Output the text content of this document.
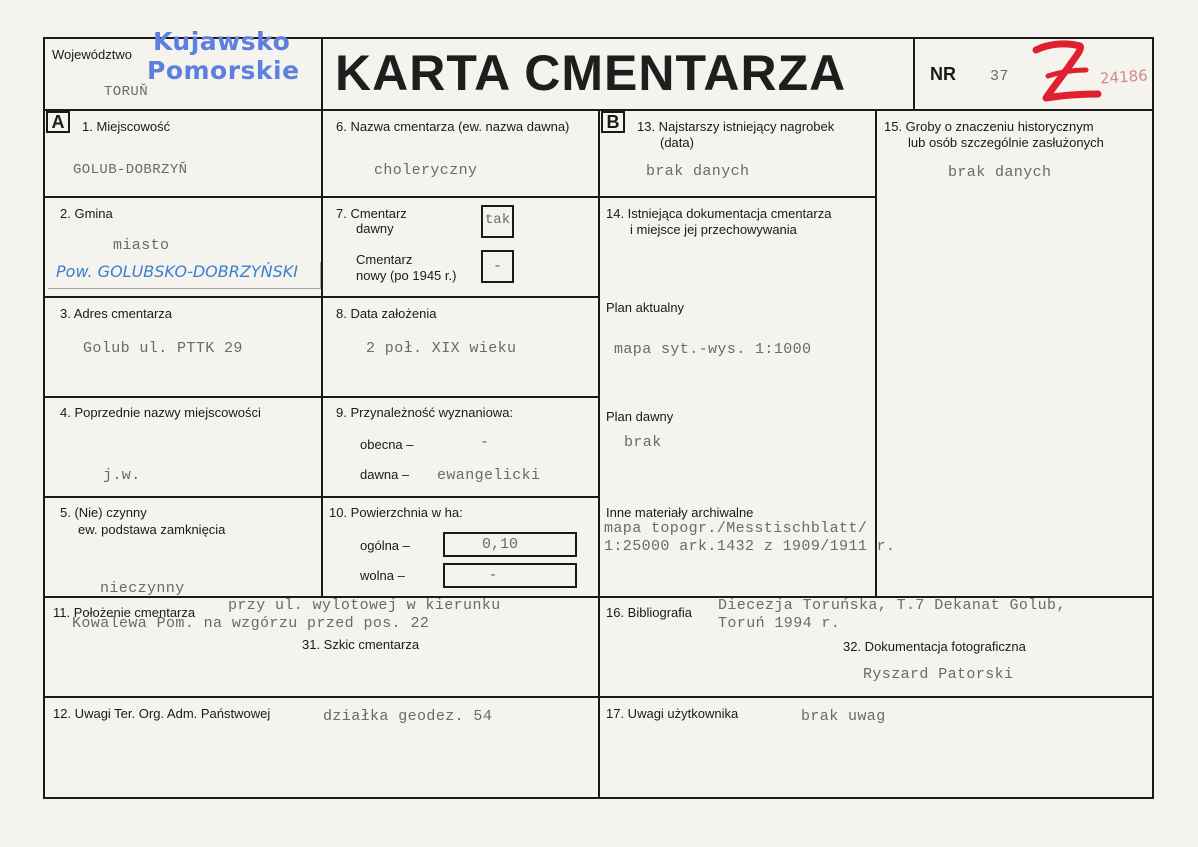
Województwo Kujawsko
Pomorskie
TORUŇ	KARTA CMENTARZA	NR 37	24186
A	B
1. Miejscowość
GOLUB-DOBRZYŇ
6. Nazwa cmentarza (ew. nazwa dawna)
choleryczny
13. Najstarszy istniejący nagrobek
(data)
brak danych
15. Groby o znaczeniu historycznym
lub osób szczególnie zasłużonych
brak danych
2. Gmina
miasto
Pow. GOLUBSKO-DOBRZYŃSKI
7. Cmentarz
dawny
tak
Cmentarz
nowy (po 1945 r.)
-
14. Istniejąca dokumentacja cmentarza
i miejsce jej przechowywania
Plan aktualny
mapa syt.-wys. 1:1000
3. Adres cmentarza
Golub ul. PTTK 29
8. Data założenia
2 poł. XIX wieku
4. Poprzednie nazwy miejscowości
j.w.
9. Przynależność wyznaniowa:
obecna –	-
dawna – ewangelicki
Plan dawny
brak
5. (Nie) czynny
ew. podstawa zamknięcia
nieczynny
10. Powierzchnia w ha:
ogólna –	0,10
wolna –	-
Inne materiały archiwalne
mapa topogr./Messtischblatt/
1:25000 ark.1432 z 1909/1911 r.
11. Położenie cmentarza przy ul. wylotowej w kierunku
Kowalewa Pom. na wzgórzu przed pos. 22
31. Szkic cmentarza
16. Bibliografia Diecezja Toruńska, T.7 Dekanat Golub,
Toruń 1994 r.
32. Dokumentacja fotograficzna
Ryszard Patorski
12. Uwagi Ter. Org. Adm. Państwowej	działka geodez. 54	17. Uwagi użytkownika	brak uwag
